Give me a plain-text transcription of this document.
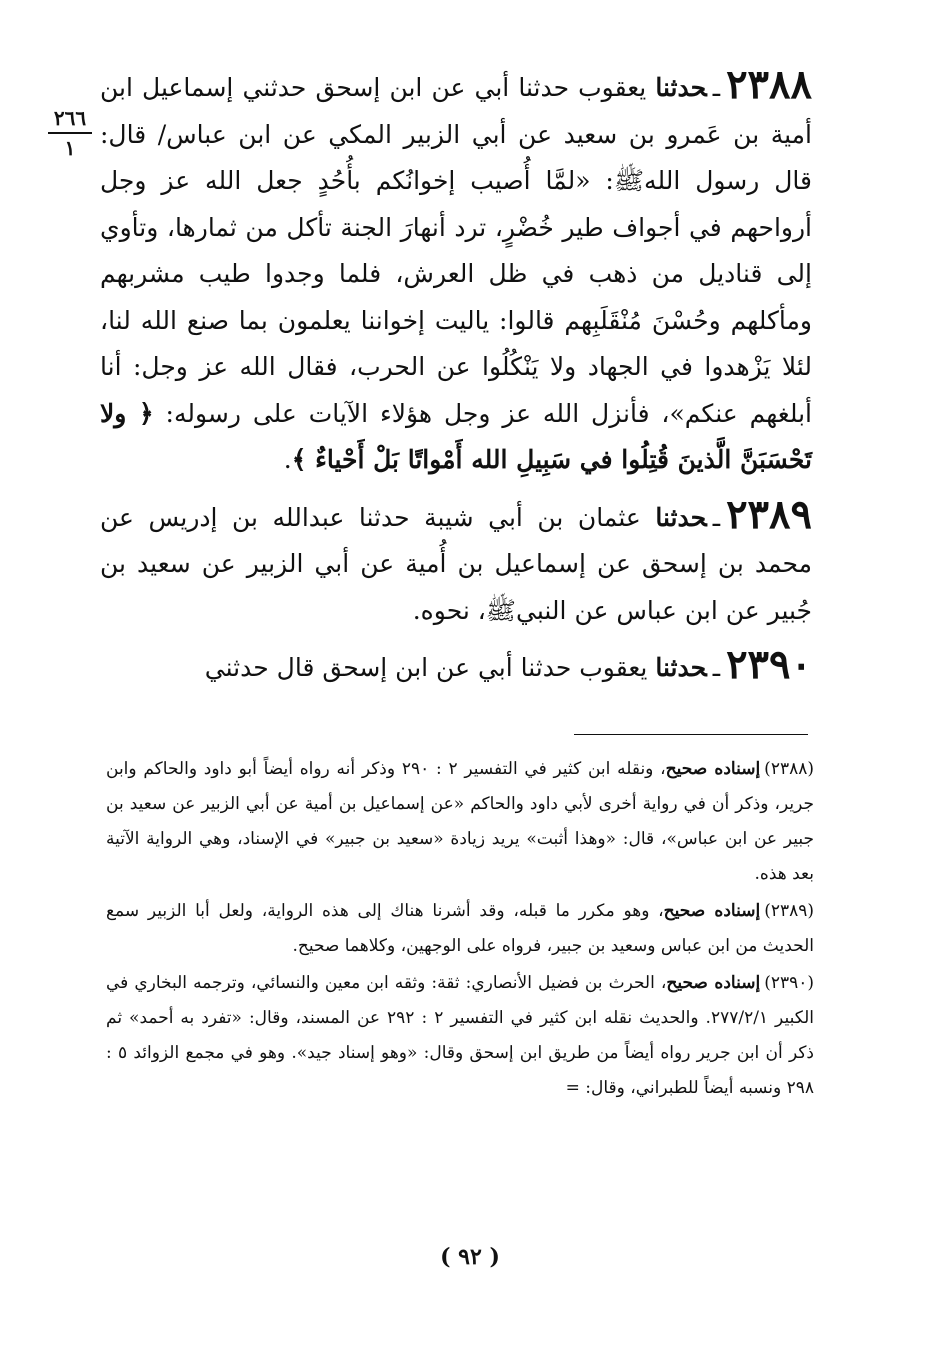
٢٦٦
١

٢٣٨٨ـحدثنا يعقوب حدثنا أبي عن ابن إسحق حدثني إسماعيل ابن أمية بن عَمرو بن سعيد عن أبي الزبير المكي عن ابن عباس/ قال: قال رسول اللهﷺ: «لمَّا أُصيب إخوانُكم بأُحُدٍ جعل الله عز وجل أرواحهم في أجواف طير خُضْرٍ، ترد أنهارَ الجنة تأكل من ثمارها، وتأوي إلى قناديل من ذهب في ظل العرش، فلما وجدوا طيب مشربهم ومأكلهم وحُسْنَ مُنْقَلَبِهم قالوا: ياليت إخواننا يعلمون بما صنع الله لنا، لئلا يَزْهدوا في الجهاد ولا يَنْكُلُوا عن الحرب، فقال الله عز وجل: أنا أبلغهم عنكم»، فأنزل الله عز وجل هؤلاء الآيات على رسوله: ﴿ ولا تَحْسَبَنَّ الَّذينَ قُتِلُوا في سَبِيلِ الله أَمْواتًا بَلْ أَحْياءٌ ﴾.

٢٣٨٩ـحدثنا عثمان بن أبي شيبة حدثنا عبدالله بن إدريس عن محمد بن إسحق عن إسماعيل بن أُمية عن أبي الزبير عن سعيد بن جُبير عن ابن عباس عن النبيﷺ، نحوه.

٢٣٩٠ـحدثنا يعقوب حدثنا أبي عن ابن إسحق قال حدثني

(٢٣٨٨)إسناده صحيح، ونقله ابن كثير في التفسير ٢ : ٢٩٠ وذكر أنه رواه أيضاً أبو داود والحاكم وابن جرير، وذكر أن في رواية أخرى لأبي داود والحاكم «عن إسماعيل بن أمية عن أبي الزبير عن سعيد بن جبير عن ابن عباس»، قال: «وهذا أثبت» يريد زيادة «سعيد بن جبير» في الإسناد، وهي الرواية الآتية بعد هذه.

(٢٣٨٩)إسناده صحيح، وهو مكرر ما قبله، وقد أشرنا هناك إلى هذه الرواية، ولعل أبا الزبير سمع الحديث من ابن عباس وسعيد بن جبير، فرواه على الوجهين، وكلاهما صحيح.

(٢٣٩٠)إسناده صحيح، الحرث بن فضيل الأنصاري: ثقة: وثقه ابن معين والنسائي، وترجمه البخاري في الكبير ٢٧٧/٢/١. والحديث نقله ابن كثير في التفسير ٢ : ٢٩٢ عن المسند، وقال: «تفرد به أحمد» ثم ذكر أن ابن جرير رواه أيضاً من طريق ابن إسحق وقال: «وهو إسناد جيد». وهو في مجمع الزوائد ٥ : ٢٩٨ ونسبه أيضاً للطبراني، وقال: =

( ٩٢ )
